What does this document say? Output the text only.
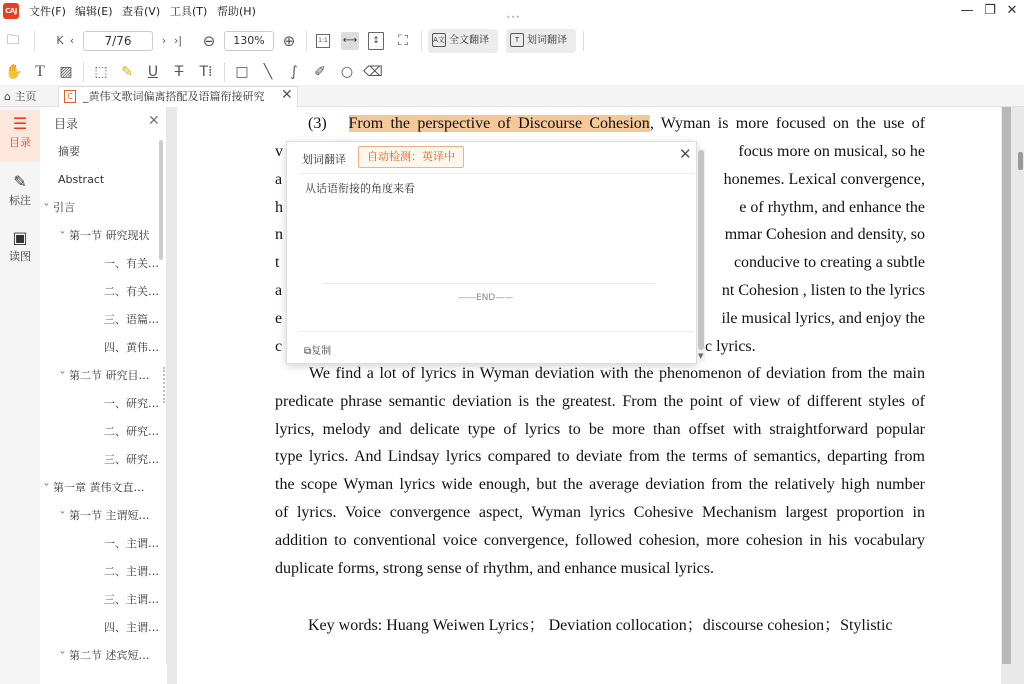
CAJ 文件(F) 编辑(E) 查看(V) 工具(T) 帮助(H)	•••	— ❐ ✕
🗀	K ‹	7/76	› ›| ⊖	130%	⊕	1:1 ⟷	↕	⛶	A文 全文翻译	T 划词翻译
✋ T	▨ ⬚ ✎	U	T	T⁞ □	╲	∫	✐ ○ ⌫
⌂ 主页	_黄伟文歌词偏离搭配及语篇衔接研究
C	✕
☰
目录
✎
标注
▣
读图
目录	✕
摘要
Abstract
˅ 引言
˅ 第一节 研究现状
一、有关…
二、有关…
三、语篇…
四、黄伟…
˅ 第二节 研究目…
一、研究…
二、研究…
三、研究…
˅ 第一章 黄伟文直…
˅ 第一节 主谓短…
一、主谓…
二、主谓…
三、主谓…
四、主谓…
˅ 第二节 述宾短…
(3) From the perspective of Discourse Cohesion, Wyman is more focused on the use of
v
a
h
n
t
a
e
c
focus more on musical, so he
honemes. Lexical convergence,
e of rhythm, and enhance the
mmar Cohesion and density, so
conducive to creating a subtle
nt Cohesion , listen to the lyrics
ile musical lyrics, and enjoy the
c lyrics.
We find a lot of lyrics in Wyman deviation with the phenomenon of deviation from the main
predicate phrase semantic deviation is the greatest. From the point of view of different styles of
lyrics, melody and delicate type of lyrics to be more than offset with straightforward popular
type lyrics. And Lindsay lyrics compared to deviate from the terms of semantics, departing from
the scope Wyman lyrics wide enough, but the average deviation from the relatively high number
of lyrics. Voice convergence aspect, Wyman lyrics Cohesive Mechanism largest proportion in
addition to conventional voice convergence, followed cohesion, more cohesion in his vocabulary
duplicate forms, strong sense of rhythm, and enhance musical lyrics.
Key words: Huang Weiwen Lyrics； Deviation collocation；discourse cohesion；Stylistic
划词翻译	自动检测：英译中	✕
从话语衔接的角度来看
——END——
⧉复制	▼
